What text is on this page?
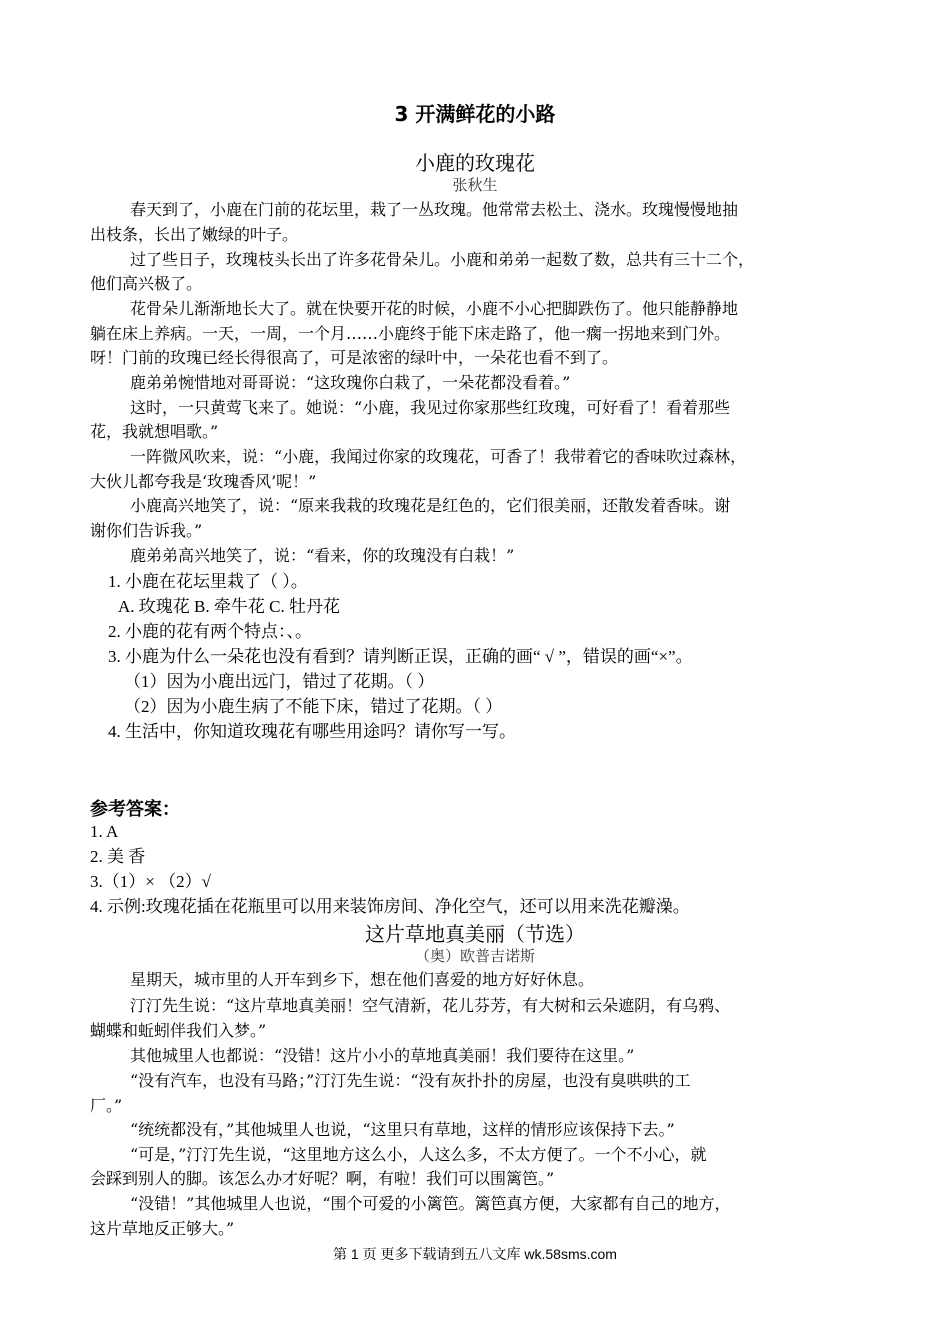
3 开满鲜花的小路
小鹿的玫瑰花
张秋生
春天到了，小鹿在门前的花坛里，栽了一丛玫瑰。他常常去松土、浇水。玫瑰慢慢地抽
出枝条，长出了嫩绿的叶子。
过了些日子，玫瑰枝头长出了许多花骨朵儿。小鹿和弟弟一起数了数，总共有三十二个，
他们高兴极了。
花骨朵儿渐渐地长大了。就在快要开花的时候，小鹿不小心把脚跌伤了。他只能静静地
躺在床上养病。一天，一周，一个月……小鹿终于能下床走路了，他一瘸一拐地来到门外。
呀！门前的玫瑰已经长得很高了，可是浓密的绿叶中，一朵花也看不到了。
鹿弟弟惋惜地对哥哥说：“这玫瑰你白栽了，一朵花都没看着。”
这时，一只黄莺飞来了。她说：“小鹿，我见过你家那些红玫瑰，可好看了！看着那些
花，我就想唱歌。”
一阵微风吹来，说：“小鹿，我闻过你家的玫瑰花，可香了！我带着它的香味吹过森林，
大伙儿都夸我是‘玫瑰香风’呢！”
小鹿高兴地笑了，说：“原来我栽的玫瑰花是红色的，它们很美丽，还散发着香味。谢
谢你们告诉我。”
鹿弟弟高兴地笑了，说：“看来，你的玫瑰没有白栽！”
1. 小鹿在花坛里栽了（ ）。
A. 玫瑰花 B. 牵牛花 C. 牡丹花
2. 小鹿的花有两个特点：、。
3. 小鹿为什么一朵花也没有看到？请判断正误，正确的画“ √ ”，错误的画“×”。
（1）因为小鹿出远门，错过了花期。（ ）
（2）因为小鹿生病了不能下床，错过了花期。（ ）
4. 生活中，你知道玫瑰花有哪些用途吗？请你写一写。
参考答案：
1. A
2. 美 香
3.（1）× （2）√
4. 示例:玫瑰花插在花瓶里可以用来装饰房间、净化空气，还可以用来洗花瓣澡。
这片草地真美丽（节选）
（奥）欧普吉诺斯
星期天，城市里的人开车到乡下，想在他们喜爱的地方好好休息。
汀汀先生说：“这片草地真美丽！空气清新，花儿芬芳，有大树和云朵遮阴，有乌鸦、
蝴蝶和蚯蚓伴我们入梦。”
其他城里人也都说：“没错！这片小小的草地真美丽！我们要待在这里。”
“没有汽车，也没有马路；”汀汀先生说：“没有灰扑扑的房屋，也没有臭哄哄的工
厂。”
“统统都没有，”其他城里人也说，“这里只有草地，这样的情形应该保持下去。”
“可是，”汀汀先生说，“这里地方这么小，人这么多，不太方便了。一个不小心，就
会踩到别人的脚。该怎么办才好呢？啊，有啦！我们可以围篱笆。”
“没错！”其他城里人也说，“围个可爱的小篱笆。篱笆真方便，大家都有自己的地方，
这片草地反正够大。”
第 1 页 更多下载请到五八文库 wk.58sms.com
